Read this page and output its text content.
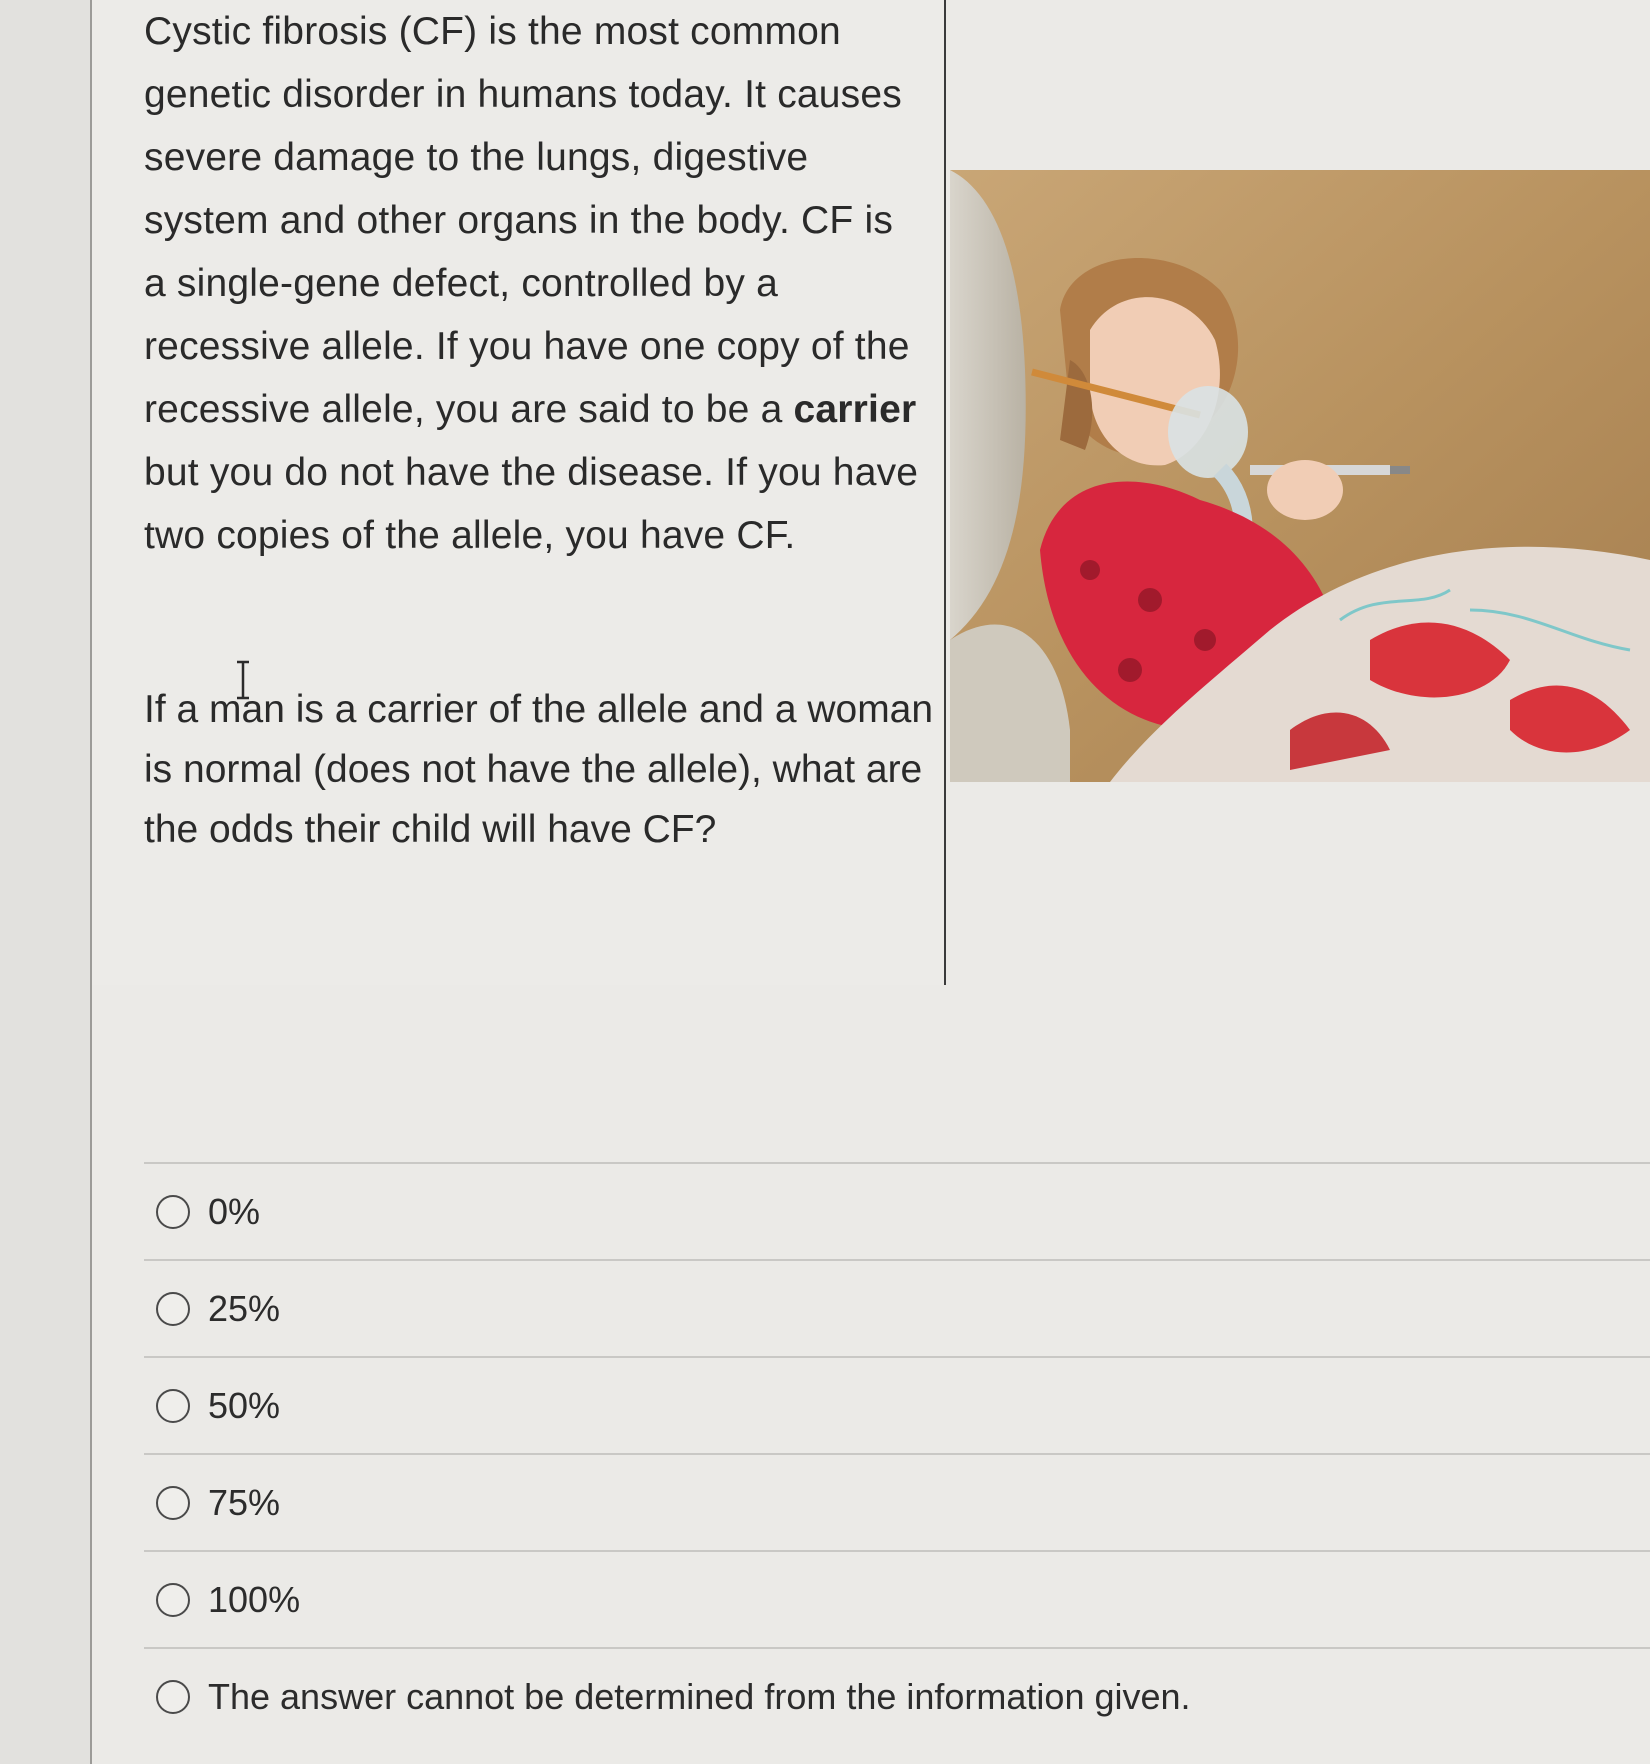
Cystic fibrosis (CF) is the most common

genetic disorder in humans today. It causes

severe damage to the lungs, digestive

system and other organs in the body. CF is

a single-gene defect, controlled by a

recessive allele. If you have one copy of the

recessive allele, you are said to be a carrier

but you do not have the disease. If you have

two copies of the allele, you have CF.

If a man is a carrier of the allele and a woman
is normal (does not have the allele), what are
the odds their child will have CF?
0%
25%
50%
75%
100%
The answer cannot be determined from the information given.
